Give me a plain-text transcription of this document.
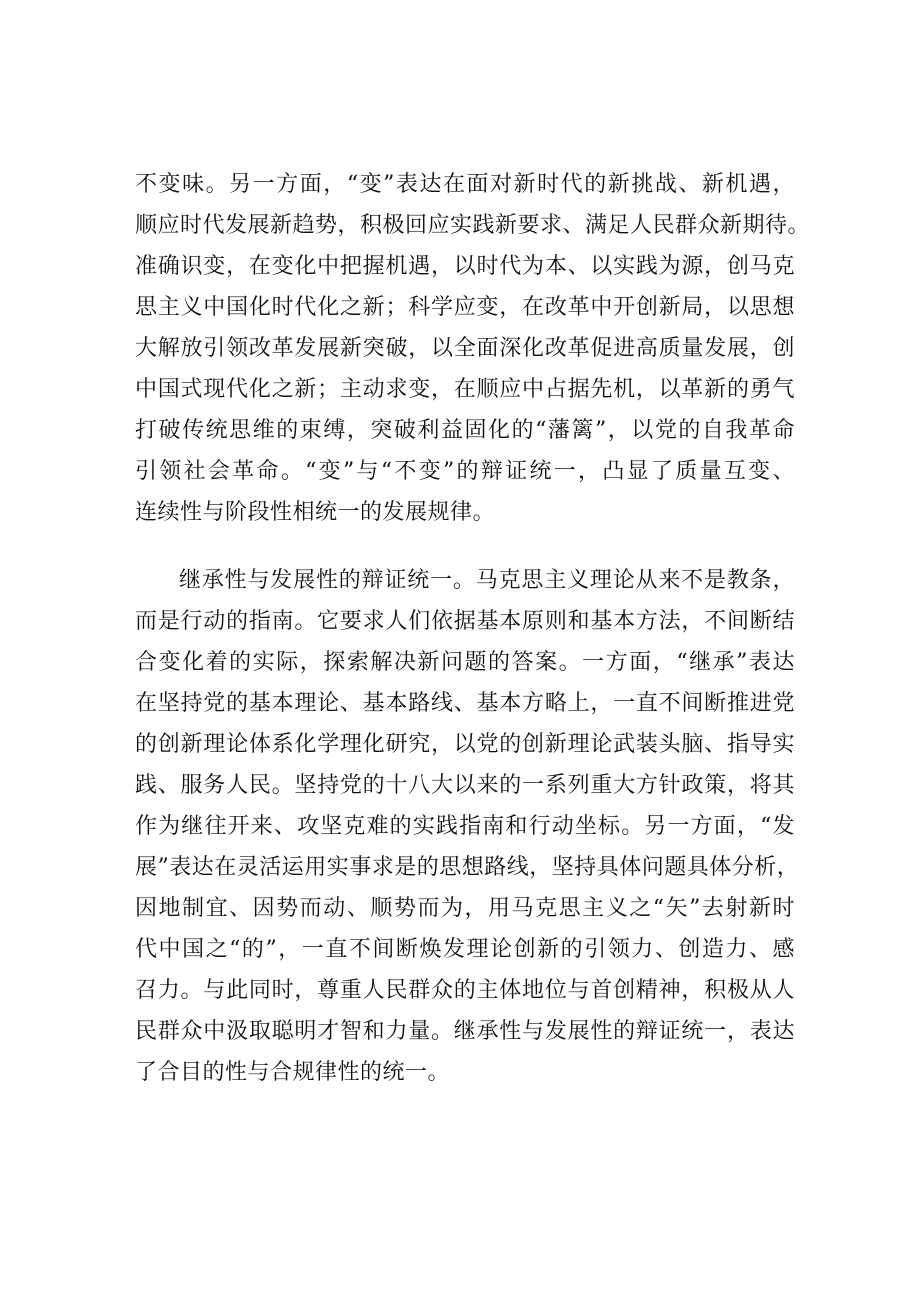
不变味。另一方面，“变”表达在面对新时代的新挑战、新机遇，
顺应时代发展新趋势，积极回应实践新要求、满足人民群众新期待。
准确识变，在变化中把握机遇，以时代为本、以实践为源，创马克
思主义中国化时代化之新；科学应变，在改革中开创新局，以思想
大解放引领改革发展新突破，以全面深化改革促进高质量发展，创
中国式现代化之新；主动求变，在顺应中占据先机，以革新的勇气
打破传统思维的束缚，突破利益固化的“藩篱”，以党的自我革命
引领社会革命。“变”与“不变”的辩证统一，凸显了质量互变、
连续性与阶段性相统一的发展规律。
继承性与发展性的辩证统一。马克思主义理论从来不是教条，
而是行动的指南。它要求人们依据基本原则和基本方法，不间断结
合变化着的实际，探索解决新问题的答案。一方面，“继承”表达
在坚持党的基本理论、基本路线、基本方略上，一直不间断推进党
的创新理论体系化学理化研究，以党的创新理论武装头脑、指导实
践、服务人民。坚持党的十八大以来的一系列重大方针政策，将其
作为继往开来、攻坚克难的实践指南和行动坐标。另一方面，“发
展”表达在灵活运用实事求是的思想路线，坚持具体问题具体分析，
因地制宜、因势而动、顺势而为，用马克思主义之“矢”去射新时
代中国之“的”，一直不间断焕发理论创新的引领力、创造力、感
召力。与此同时，尊重人民群众的主体地位与首创精神，积极从人
民群众中汲取聪明才智和力量。继承性与发展性的辩证统一，表达
了合目的性与合规律性的统一。
